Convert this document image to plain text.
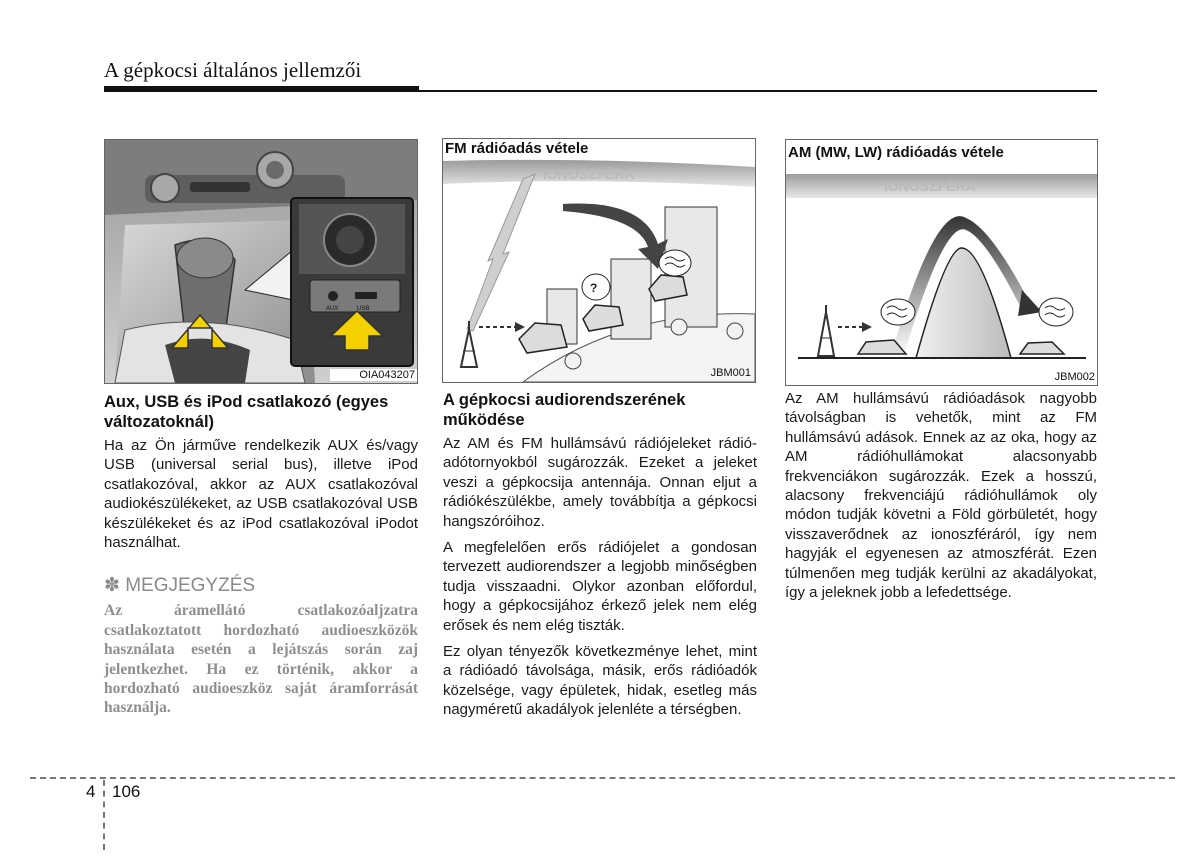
A gépkocsi általános jellemzői
AUX	USB
OIA043207
FM rádióadás vétele
IONOSZFÉRA
?
JBM001
AM (MW, LW) rádióadás vétele
IONOSZFÉRA
JBM002
Aux, USB és iPod csatlakozó (egyes változatoknál)

Ha az Ön járműve rendelkezik AUX és/vagy USB (universal serial bus), illetve iPod csatlakozóval, akkor az AUX csatlakozóval audiokészülékeket, az USB csatlakozóval USB készülékeket és az iPod csatlakozóval iPodot használhat.

✽ MEGJEGYZÉS
Az áramellátó csatlakozóaljzatra csatlakoztatott hordozható audioeszközök használata esetén a lejátszás során zaj jelentkezhet. Ha ez történik, akkor a hordozható audioeszköz saját áramforrását használja.
A gépkocsi audiorendszerének működése

Az AM és FM hullámsávú rádiójeleket rádió-adótornyokból sugározzák. Ezeket a jeleket veszi a gépkocsija antennája. Onnan eljut a rádiókészülékbe, amely továbbítja a gépkocsi hangszóróihoz.

A megfelelően erős rádiójelet a gondosan tervezett audiorendszer a legjobb minőségben tudja visszaadni. Olykor azonban előfordul, hogy a gépkocsijához érkező jelek nem elég erősek és nem elég tiszták.

Ez olyan tényezők következménye lehet, mint a rádióadó távolsága, másik, erős rádióadók közelsége, vagy épületek, hidak, esetleg más nagyméretű akadályok jelenléte a térségben.

Az AM hullámsávú rádióadások nagyobb távolságban is vehetők, mint az FM hullámsávú adások. Ennek az az oka, hogy az AM rádióhullámokat alacsonyabb frekvenciákon sugározzák. Ezek a hosszú, alacsony frekvenciájú rádióhullámok oly módon tudják követni a Föld görbületét, hogy visszaverődnek az ionoszféráról, így nem hagyják el egyenesen az atmoszférát. Ezen túlmenően meg tudják kerülni az akadályokat, így a jeleknek jobb a lefedettsége.

4 106
